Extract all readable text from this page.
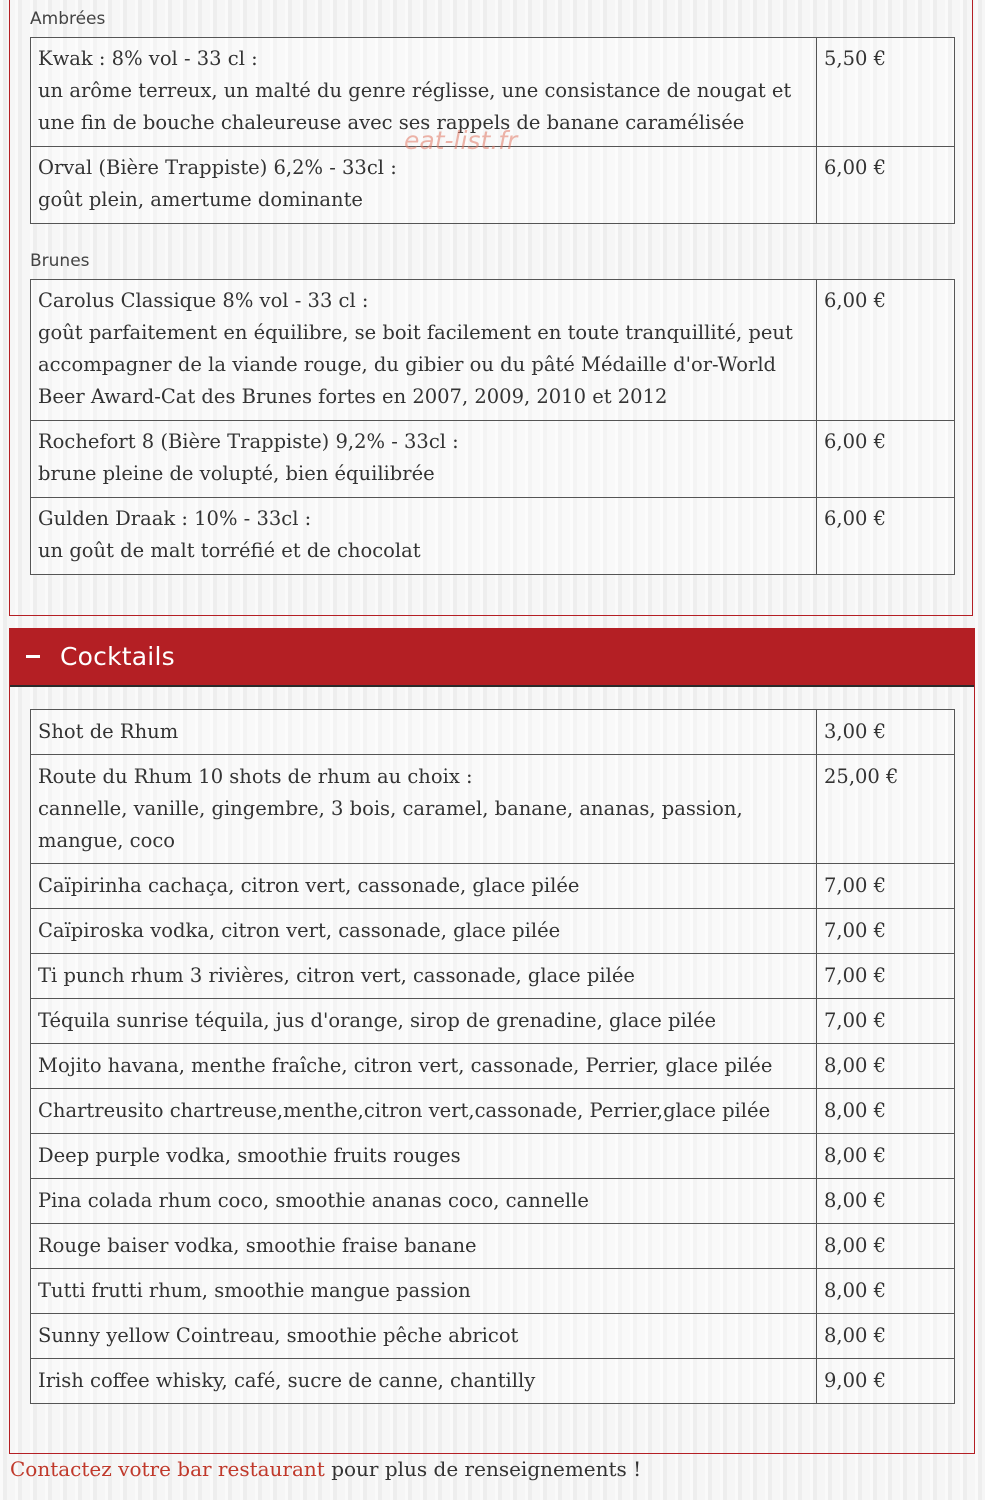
Ambrées
Kwak : 8% vol - 33 cl :
un arôme terreux, un malté du genre réglisse, une consistance de nougat et une fin de bouche chaleureuse avec ses rappels de banane caramélisée	5,50 €

Orval (Bière Trappiste) 6,2% - 33cl :
goût plein, amertume dominante	6,00 €
Brunes
Carolus Classique 8% vol - 33 cl :
goût parfaitement en équilibre, se boit facilement en toute tranquillité, peut accompagner de la viande rouge, du gibier ou du pâté Médaille d'or-World Beer Award-Cat des Brunes fortes en 2007, 2009, 2010 et 2012	6,00 €

Rochefort 8 (Bière Trappiste) 9,2% - 33cl :
brune pleine de volupté, bien équilibrée	6,00 €

Gulden Draak : 10% - 33cl :
un goût de malt torréfié et de chocolat	6,00 €
Cocktails
Shot de Rhum	3,00 €

Route du Rhum 10 shots de rhum au choix :
cannelle, vanille, gingembre, 3 bois, caramel, banane, ananas, passion, mangue, coco	25,00 €

Caïpirinha cachaça, citron vert, cassonade, glace pilée	7,00 €

Caïpiroska vodka, citron vert, cassonade, glace pilée	7,00 €

Ti punch rhum 3 rivières, citron vert, cassonade, glace pilée	7,00 €

Téquila sunrise téquila, jus d'orange, sirop de grenadine, glace pilée	7,00 €

Mojito havana, menthe fraîche, citron vert, cassonade, Perrier, glace pilée	8,00 €

Chartreusito chartreuse,menthe,citron vert,cassonade, Perrier,glace pilée	8,00 €

Deep purple vodka, smoothie fruits rouges	8,00 €

Pina colada rhum coco, smoothie ananas coco, cannelle	8,00 €

Rouge baiser vodka, smoothie fraise banane	8,00 €

Tutti frutti rhum, smoothie mangue passion	8,00 €

Sunny yellow Cointreau, smoothie pêche abricot	8,00 €

Irish coffee whisky, café, sucre de canne, chantilly	9,00 €
eat-list.fr
Contactez votre bar restaurant pour plus de renseignements !
